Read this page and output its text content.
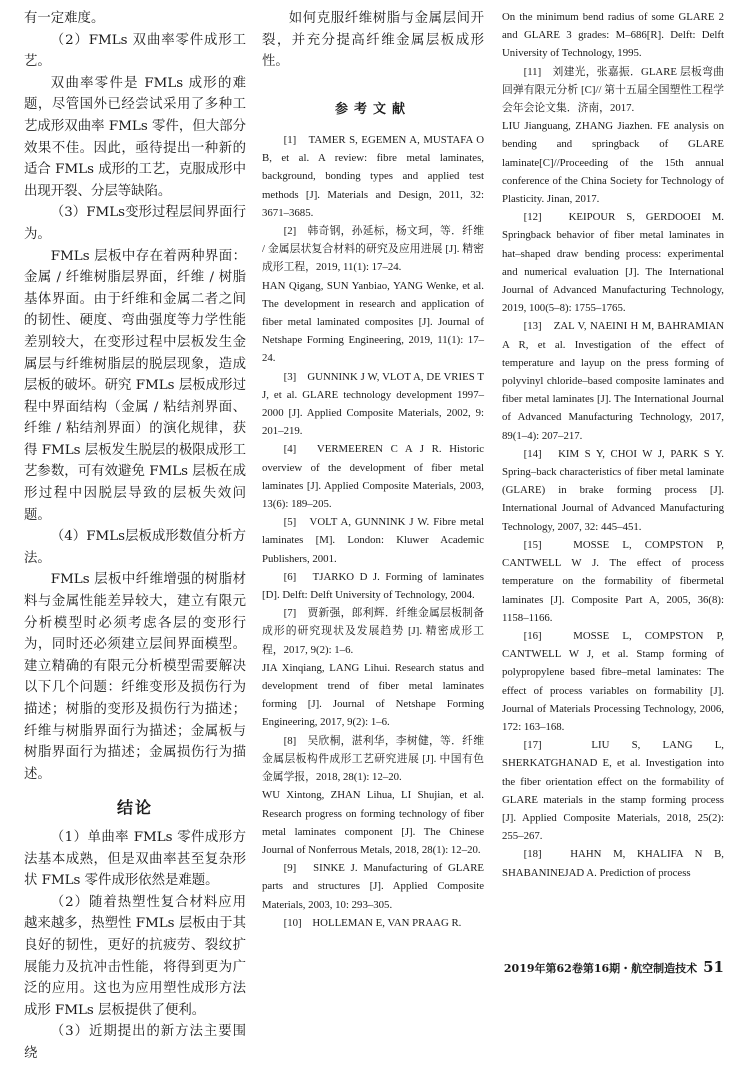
有一定难度。

（2）FMLs 双曲率零件成形工艺。

双曲率零件是 FMLs 成形的难题，尽管国外已经尝试采用了多种工艺成形双曲率 FMLs 零件，但大部分效果不佳。因此，亟待提出一种新的适合 FMLs 成形的工艺，克服成形中出现开裂、分层等缺陷。

（3）FMLs变形过程层间界面行为。

FMLs 层板中存在着两种界面：金属 / 纤维树脂层界面，纤维 / 树脂基体界面。由于纤维和金属二者之间的韧性、硬度、弯曲强度等力学性能差别较大，在变形过程中层板发生金属层与纤维树脂层的脱层现象，造成层板的破坏。研究 FMLs 层板成形过程中界面结构（金属 / 粘结剂界面、纤维 / 粘结剂界面）的演化规律，获得 FMLs 层板发生脱层的极限成形工艺参数，可有效避免 FMLs 层板在成形过程中因脱层导致的层板失效问题。

（4）FMLs层板成形数值分析方法。

FMLs 层板中纤维增强的树脂材料与金属性能差异较大，建立有限元分析模型时必须考虑各层的变形行为，同时还必须建立层间界面模型。建立精确的有限元分析模型需要解决以下几个问题：纤维变形及损伤行为描述；树脂的变形及损伤行为描述；纤维与树脂界面行为描述；金属板与树脂界面行为描述；金属损伤行为描述。

结论

（1）单曲率 FMLs 零件成形方法基本成熟，但是双曲率甚至复杂形状 FMLs 零件成形依然是难题。

（2）随着热塑性复合材料应用越来越多，热塑性 FMLs 层板由于其良好的韧性，更好的抗疲劳、裂纹扩展能力及抗冲击性能，将得到更为广泛的应用。这也为应用塑性成形方法成形 FMLs 层板提供了便利。

（3）近期提出的新方法主要围绕

如何克服纤维树脂与金属层间开裂，并充分提高纤维金属层板成形性。

参考文献

[1]　TAMER S, EGEMEN A, MUSTAFA O B, et al. A review: fibre metal laminates, background, bonding types and applied test methods [J]. Materials and Design, 2011, 32: 3671–3685.

[2]　韩奇钢，孙延标，杨文珂，等．纤维 / 金属层状复合材料的研究及应用进展 [J]. 精密成形工程，2019, 11(1): 17–24.

HAN Qigang, SUN Yanbiao, YANG Wenke, et al. The development in research and application of fiber metal laminated composites [J]. Journal of Netshape Forming Engineering, 2019, 11(1): 17–24.

[3]　GUNNINK J W, VLOT A, DE VRIES T J, et al. GLARE technology development 1997–2000 [J]. Applied Composite Materials, 2002, 9: 201–219.

[4]　VERMEEREN C A J R. Historic overview of the development of fiber metal laminates [J]. Applied Composite Materials, 2003, 13(6): 189–205.

[5]　VOLT A, GUNNINK J W. Fibre metal laminates [M]. London: Kluwer Academic Publishers, 2001.

[6]　TJARKO D J. Forming of laminates [D]. Delft: Delft University of Technology, 2004.

[7]　贾新强，郎利辉．纤维金属层板制备成形的研究现状及发展趋势 [J]. 精密成形工程，2017, 9(2): 1–6.

JIA Xinqiang, LANG Lihui. Research status and development trend of fiber metal laminates forming [J]. Journal of Netshape Forming Engineering, 2017, 9(2): 1–6.

[8]　吴欣桐，湛利华，李树健，等．纤维金属层板构件成形工艺研究进展 [J]. 中国有色金属学报，2018, 28(1): 12–20.

WU Xintong, ZHAN Lihua, LI Shujian, et al. Research progress on forming technology of fiber metal laminates component [J]. The Chinese Journal of Nonferrous Metals, 2018, 28(1): 12–20.

[9]　SINKE J. Manufacturing of GLARE parts and structures [J]. Applied Composite Materials, 2003, 10: 293–305.

[10]　HOLLEMAN E, VAN PRAAG R.

On the minimum bend radius of some GLARE 2 and GLARE 3 grades: M–686[R]. Delft: Delft University of Technology, 1995.

[11]　刘建光，张嘉振．GLARE 层板弯曲回弹有限元分析 [C]// 第十五届全国塑性工程学会年会论文集．济南，2017.

LIU Jianguang, ZHANG Jiazhen. FE analysis on bending and springback of GLARE laminate[C]//Proceeding of the 15th annual conference of the China Society for Technology of Plasticity. Jinan, 2017.

[12]　KEIPOUR S, GERDOOEI M. Springback behavior of fiber metal laminates in hat–shaped draw bending process: experimental and numerical evaluation [J]. The International Journal of Advanced Manufacturing Technology, 2019, 100(5–8): 1755–1765.

[13]　ZAL V, NAEINI H M, BAHRAMIAN A R, et al. Investigation of the effect of temperature and layup on the press forming of polyvinyl chloride–based composite laminates and fiber metal laminates [J]. The International Journal of Advanced Manufacturing Technology, 2017, 89(1–4): 207–217.

[14]　KIM S Y, CHOI W J, PARK S Y. Spring–back characteristics of fiber metal laminate (GLARE) in brake forming process [J]. International Journal of Advanced Manufacturing Technology, 2007, 32: 445–451.

[15]　MOSSE L, COMPSTON P, CANTWELL W J. The effect of process temperature on the formability of fibermetal laminates [J]. Composite Part A, 2005, 36(8): 1158–1166.

[16]　MOSSE L, COMPSTON P, CANTWELL W J, et al. Stamp forming of polypropylene based fibre–metal laminates: The effect of process variables on formability [J]. Journal of Materials Processing Technology, 2006, 172: 163–168.

[17]　LIU S, LANG L, SHERKATGHANAD E, et al. Investigation into the fiber orientation effect on the formability of GLARE materials in the stamp forming process [J]. Applied Composite Materials, 2018, 25(2): 255–267.

[18]　HAHN M, KHALIFA N B, SHABANINEJAD A. Prediction of process

2019年第62卷第16期・航空制造技术 51
